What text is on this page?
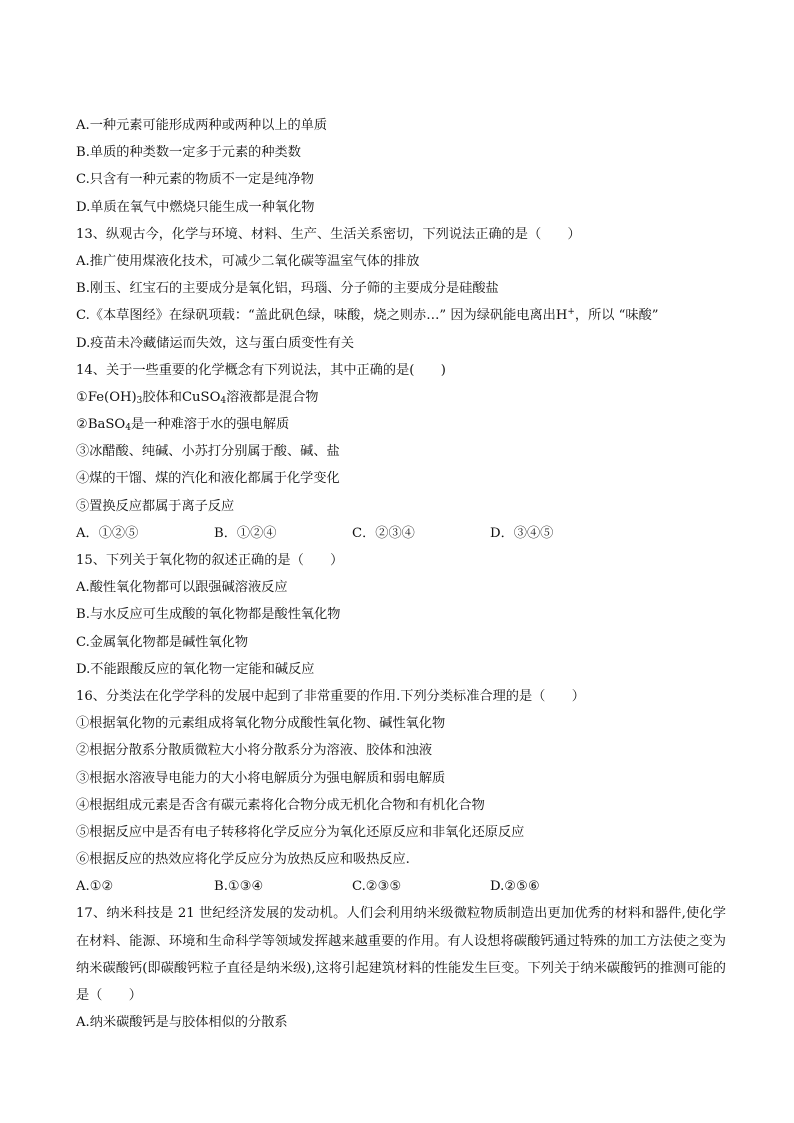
A.一种元素可能形成两种或两种以上的单质
B.单质的种类数一定多于元素的种类数
C.只含有一种元素的物质不一定是纯净物
D.单质在氧气中燃烧只能生成一种氧化物
13、纵观古今，化学与环境、材料、生产、生活关系密切，下列说法正确的是（　　）
A.推广使用煤液化技术，可减少二氧化碳等温室气体的排放
B.刚玉、红宝石的主要成分是氧化铝，玛瑙、分子筛的主要成分是硅酸盐
C.《本草图经》在绿矾项载：“盖此矾色绿，味酸，烧之则赤…” 因为绿矾能电离出H+，所以 “味酸”
D.疫苗未冷藏储运而失效，这与蛋白质变性有关
14、关于一些重要的化学概念有下列说法，其中正确的是(　　)
$①Fe(OH)_3$胶体和CuSO$_4$溶液都是混合物
②BaSO$_4$是一种难溶于水的强电解质
③冰醋酸、纯碱、小苏打分别属于酸、碱、盐
④煤的干馏、煤的汽化和液化都属于化学变化
⑤置换反应都属于离子反应
A．①②⑤	B．①②④	C．②③④	D．③④⑤
15、下列关于氧化物的叙述正确的是（　　）
A.酸性氧化物都可以跟强碱溶液反应
B.与水反应可生成酸的氧化物都是酸性氧化物
C.金属氧化物都是碱性氧化物
D.不能跟酸反应的氧化物一定能和碱反应
16、分类法在化学学科的发展中起到了非常重要的作用.下列分类标准合理的是（　　）
①根据氧化物的元素组成将氧化物分成酸性氧化物、碱性氧化物
②根据分散系分散质微粒大小将分散系分为溶液、胶体和浊液
③根据水溶液导电能力的大小将电解质分为强电解质和弱电解质
④根据组成元素是否含有碳元素将化合物分成无机化合物和有机化合物
⑤根据反应中是否有电子转移将化学反应分为氧化还原反应和非氧化还原反应
⑥根据反应的热效应将化学反应分为放热反应和吸热反应.
A.①②	B.①③④	C.②③⑤	D.②⑤⑥
17、纳米科技是 21 世纪经济发展的发动机。人们会利用纳米级微粒物质制造出更加优秀的材料和器件,使化学在材料、能源、环境和生命科学等领域发挥越来越重要的作用。有人设想将碳酸钙通过特殊的加工方法使之变为纳米碳酸钙(即碳酸钙粒子直径是纳米级),这将引起建筑材料的性能发生巨变。下列关于纳米碳酸钙的推测可能的是（　　）
A.纳米碳酸钙是与胶体相似的分散系
